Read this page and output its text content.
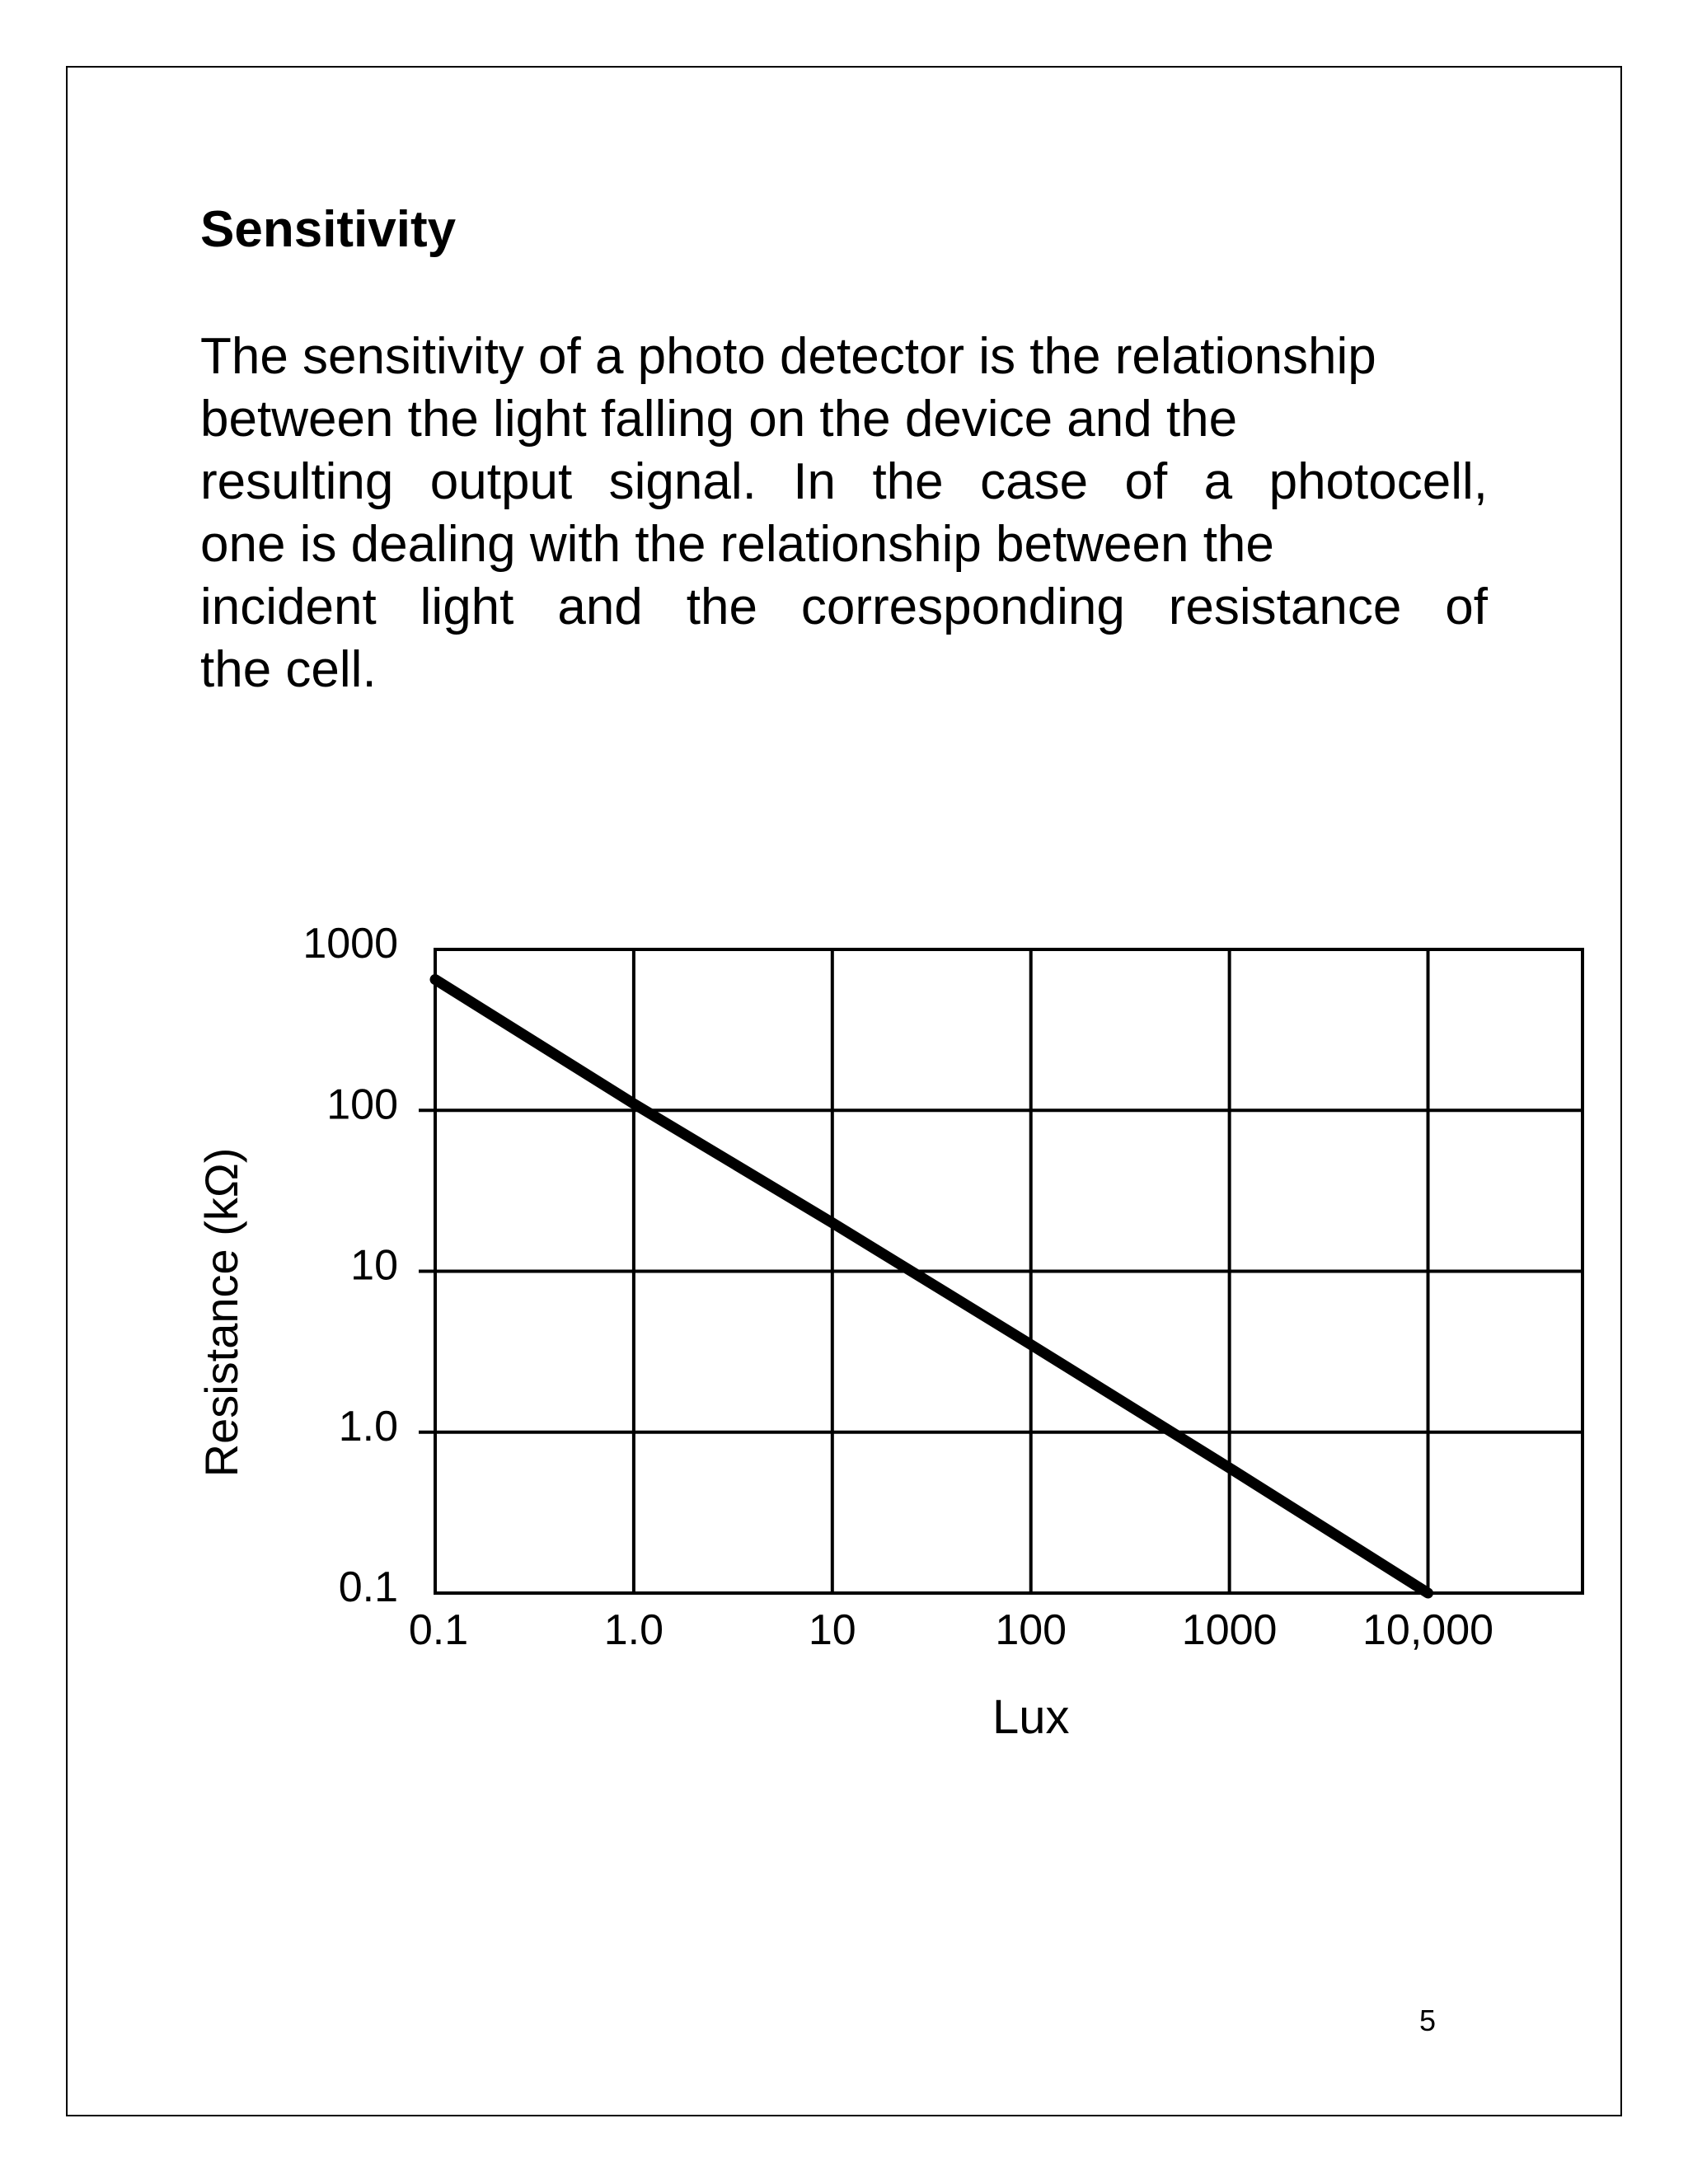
Sensitivity
The sensitivity of a photo detector is the relationship
between the light falling on the device and the
resulting output signal. In the case of a photocell,
one is dealing with the relationship between the
incident light and the corresponding resistance of
the cell.
0.1	1.0	10	100	1000 10,000
1000
100
10
1.0
0.1
Lux
Resistance (kΩ)
5
